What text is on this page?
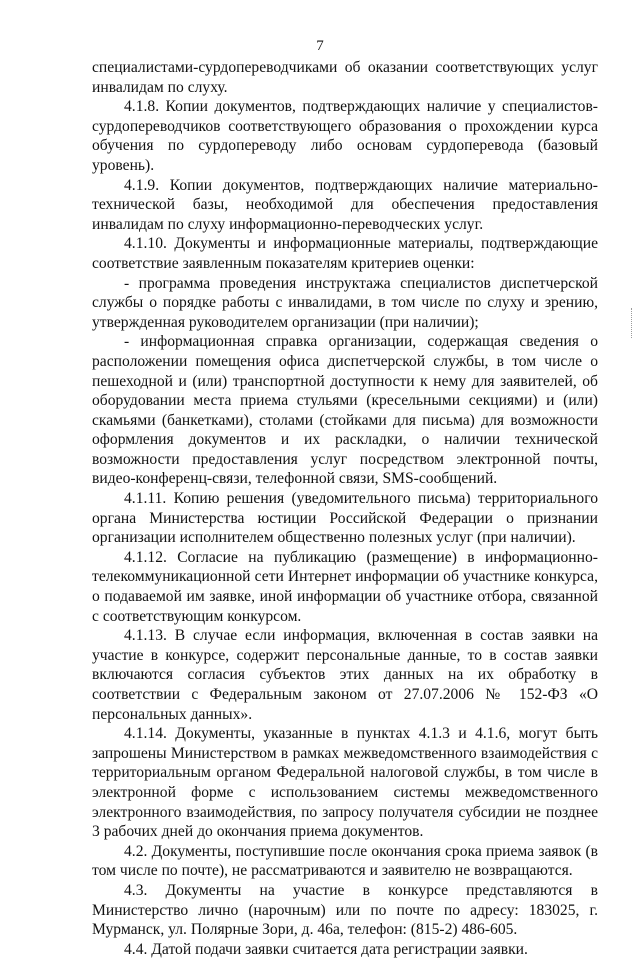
7

специалистами-сурдопереводчиками об оказании соответствующих услуг инвалидам по слуху.

4.1.8. Копии документов, подтверждающих наличие у специалистов-сурдопереводчиков соответствующего образования о прохождении курса обучения по сурдопереводу либо основам сурдоперевода (базовый уровень).

4.1.9. Копии документов, подтверждающих наличие материально-технической базы, необходимой для обеспечения предоставления инвалидам по слуху информационно-переводческих услуг.

4.1.10. Документы и информационные материалы, подтверждающие соответствие заявленным показателям критериев оценки:

- программа проведения инструктажа специалистов диспетчерской службы о порядке работы с инвалидами, в том числе по слуху и зрению, утвержденная руководителем организации (при наличии);

- информационная справка организации, содержащая сведения о расположении помещения офиса диспетчерской службы, в том числе о пешеходной и (или) транспортной доступности к нему для заявителей, об оборудовании места приема стульями (кресельными секциями) и (или) скамьями (банкетками), столами (стойками для письма) для возможности оформления документов и их раскладки, о наличии технической возможности предоставления услуг посредством электронной почты, видео-конференц-связи, телефонной связи, SMS-сообщений.

4.1.11. Копию решения (уведомительного письма) территориального органа Министерства юстиции Российской Федерации о признании организации исполнителем общественно полезных услуг (при наличии).

4.1.12. Согласие на публикацию (размещение) в информационно-телекоммуникационной сети Интернет информации об участнике конкурса, о подаваемой им заявке, иной информации об участнике отбора, связанной с соответствующим конкурсом.

4.1.13. В случае если информация, включенная в состав заявки на участие в конкурсе, содержит персональные данные, то в состав заявки включаются согласия субъектов этих данных на их обработку в соответствии с Федеральным законом от 27.07.2006 № 152-ФЗ «О персональных данных».

4.1.14. Документы, указанные в пунктах 4.1.3 и 4.1.6, могут быть запрошены Министерством в рамках межведомственного взаимодействия с территориальным органом Федеральной налоговой службы, в том числе в электронной форме с использованием системы межведомственного электронного взаимодействия, по запросу получателя субсидии не позднее 3 рабочих дней до окончания приема документов.

4.2. Документы, поступившие после окончания срока приема заявок (в том числе по почте), не рассматриваются и заявителю не возвращаются.

4.3. Документы на участие в конкурсе представляются в Министерство лично (нарочным) или по почте по адресу: 183025, г. Мурманск, ул. Полярные Зори, д. 46а, телефон: (815-2) 486-605.

4.4. Датой подачи заявки считается дата регистрации заявки.
